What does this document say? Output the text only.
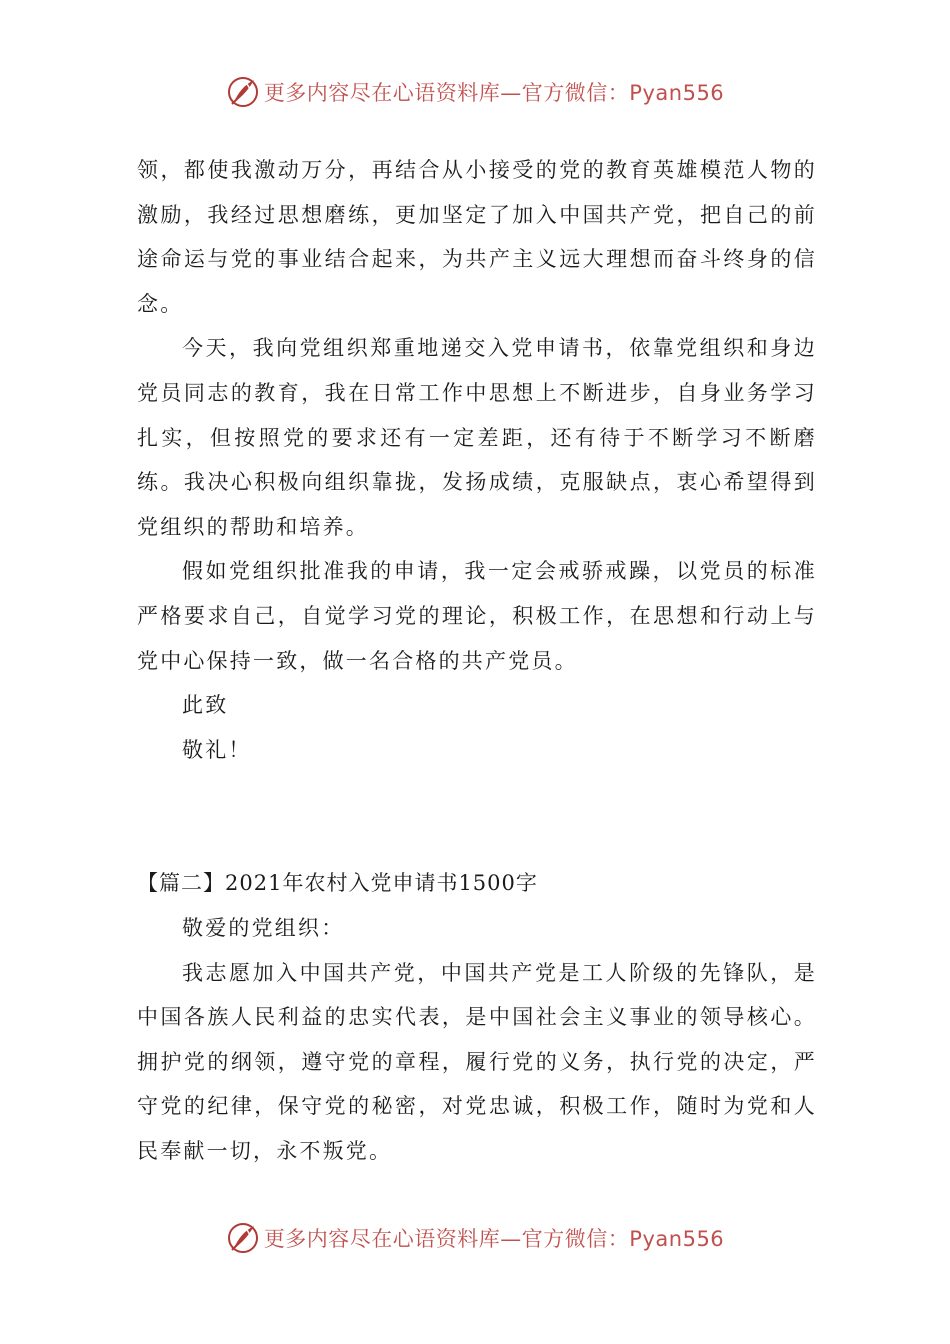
更多内容尽在心语资料库—官方微信：Pyan556

领，都使我激动万分，再结合从小接受的党的教育英雄模范人物的激励，我经过思想磨练，更加坚定了加入中国共产党，把自己的前途命运与党的事业结合起来，为共产主义远大理想而奋斗终身的信念。

今天，我向党组织郑重地递交入党申请书，依靠党组织和身边党员同志的教育，我在日常工作中思想上不断进步，自身业务学习扎实，但按照党的要求还有一定差距，还有待于不断学习不断磨练。我决心积极向组织靠拢，发扬成绩，克服缺点，衷心希望得到党组织的帮助和培养。

假如党组织批准我的申请，我一定会戒骄戒躁，以党员的标准严格要求自己，自觉学习党的理论，积极工作，在思想和行动上与党中心保持一致，做一名合格的共产党员。

此致

敬礼！

【篇二】2021年农村入党申请书1500字

敬爱的党组织：

我志愿加入中国共产党，中国共产党是工人阶级的先锋队，是中国各族人民利益的忠实代表，是中国社会主义事业的领导核心。拥护党的纲领，遵守党的章程，履行党的义务，执行党的决定，严守党的纪律，保守党的秘密，对党忠诚，积极工作，随时为党和人民奉献一切，永不叛党。

更多内容尽在心语资料库—官方微信：Pyan556
